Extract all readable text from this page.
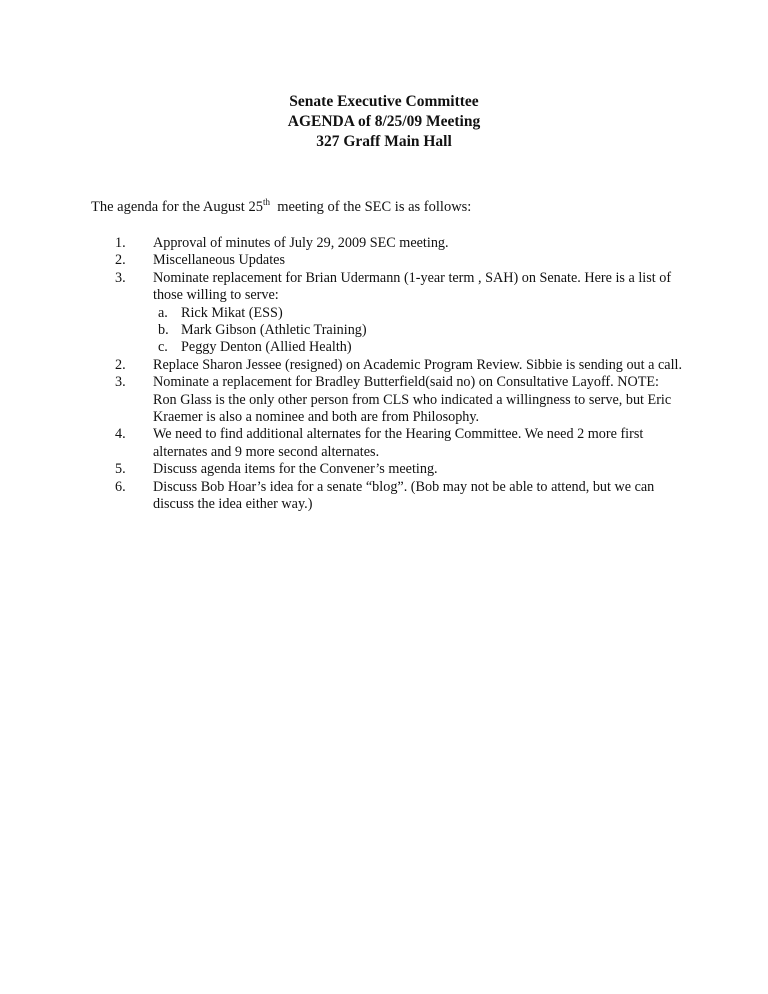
Senate Executive Committee
AGENDA of 8/25/09 Meeting
327 Graff Main Hall
The agenda for the August 25th  meeting of the SEC is as follows:
1. Approval of minutes of July 29, 2009 SEC meeting.
2. Miscellaneous Updates
3. Nominate replacement for Brian Udermann (1-year term , SAH) on Senate. Here is a list of those willing to serve:
a. Rick Mikat (ESS)
b. Mark Gibson (Athletic Training)
c. Peggy Denton (Allied Health)
2. Replace Sharon Jessee (resigned) on Academic Program Review. Sibbie is sending out a call.
3. Nominate a replacement for Bradley Butterfield(said no) on Consultative Layoff. NOTE: Ron Glass is the only other person from CLS who indicated a willingness to serve, but Eric Kraemer is also a nominee and both are from Philosophy.
4. We need to find additional alternates for the Hearing Committee. We need 2 more first alternates and 9 more second alternates.
5. Discuss agenda items for the Convener’s meeting.
6. Discuss Bob Hoar’s idea for a senate “blog”. (Bob may not be able to attend, but we can discuss the idea either way.)
